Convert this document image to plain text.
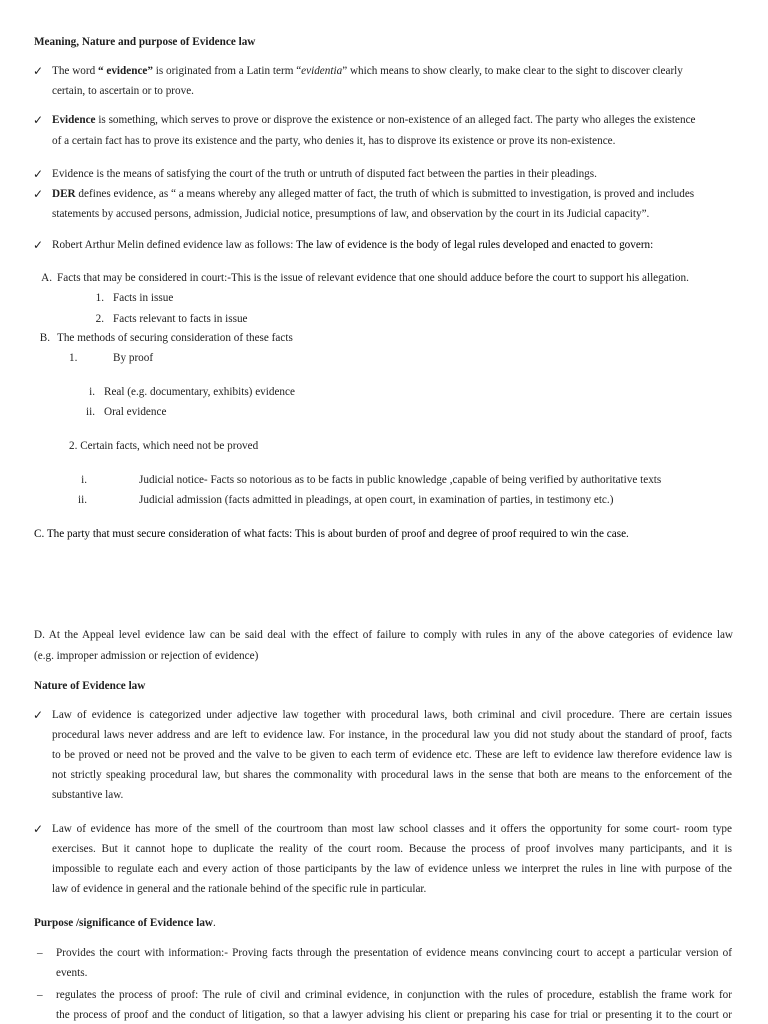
Meaning, Nature and purpose of Evidence law
✓ The word “ evidence” is originated from a Latin term “evidentia” which means to show clearly, to make clear to the sight to discover clearly
certain, to ascertain or to prove.
✓ Evidence is something, which serves to prove or disprove the existence or non-existence of an alleged fact. The party who alleges the existence
of a certain fact has to prove its existence and the party, who denies it, has to disprove its existence or prove its non-existence.
✓ Evidence is the means of satisfying the court of the truth or untruth of disputed fact between the parties in their pleadings.
✓ DER defines evidence, as “ a means whereby any alleged matter of fact, the truth of which is submitted to investigation, is proved and includes
statements by accused persons, admission, Judicial notice, presumptions of law, and observation by the court in its Judicial capacity”.
✓ Robert Arthur Melin defined evidence law as follows: The law of evidence is the body of legal rules developed and enacted to govern:
A. Facts that may be considered in court:-This is the issue of relevant evidence that one should adduce before the court to support his allegation.
1. Facts in issue
2. Facts relevant to facts in issue
B. The methods of securing consideration of these facts
1.	By proof
i. Real (e.g. documentary, exhibits) evidence
ii. Oral evidence
2. Certain facts, which need not be proved
i.	Judicial notice- Facts so notorious as to be facts in public knowledge ,capable of being verified by authoritative texts
ii.	Judicial admission (facts admitted in pleadings, at open court, in examination of parties, in testimony etc.)
C. The party that must secure consideration of what facts: This is about burden of proof and degree of proof required to win the case.
D. At the Appeal level evidence law can be said deal with the effect of failure to comply with rules in any of the above categories of evidence law
(e.g. improper admission or rejection of evidence)
Nature of Evidence law
✓ Law of evidence is categorized under adjective law together with procedural laws, both criminal and civil procedure. There are certain issues
procedural laws never address and are left to evidence law. For instance, in the procedural law you did not study about the standard of proof, facts
to be proved or need not be proved and the valve to be given to each term of evidence etc. These are left to evidence law therefore evidence law is
not strictly speaking procedural law, but shares the commonality with procedural laws in the sense that both are means to the enforcement of the
substantive law.
✓ Law of evidence has more of the smell of the courtroom than most law school classes and it offers the opportunity for some court- room type
exercises. But it cannot hope to duplicate the reality of the court room. Because the process of proof involves many participants, and it is
impossible to regulate each and every action of those participants by the law of evidence unless we interpret the rules in line with purpose of the
law of evidence in general and the rationale behind of the specific rule in particular.
Purpose /significance of Evidence law.
– Provides the court with information:- Proving facts through the presentation of evidence means convincing court to accept a particular version of
events.
– regulates the process of proof: The rule of civil and criminal evidence, in conjunction with the rules of procedure, establish the frame work for
the process of proof and the conduct of litigation, so that a lawyer advising his client or preparing his case for trial or presenting it to the court or
